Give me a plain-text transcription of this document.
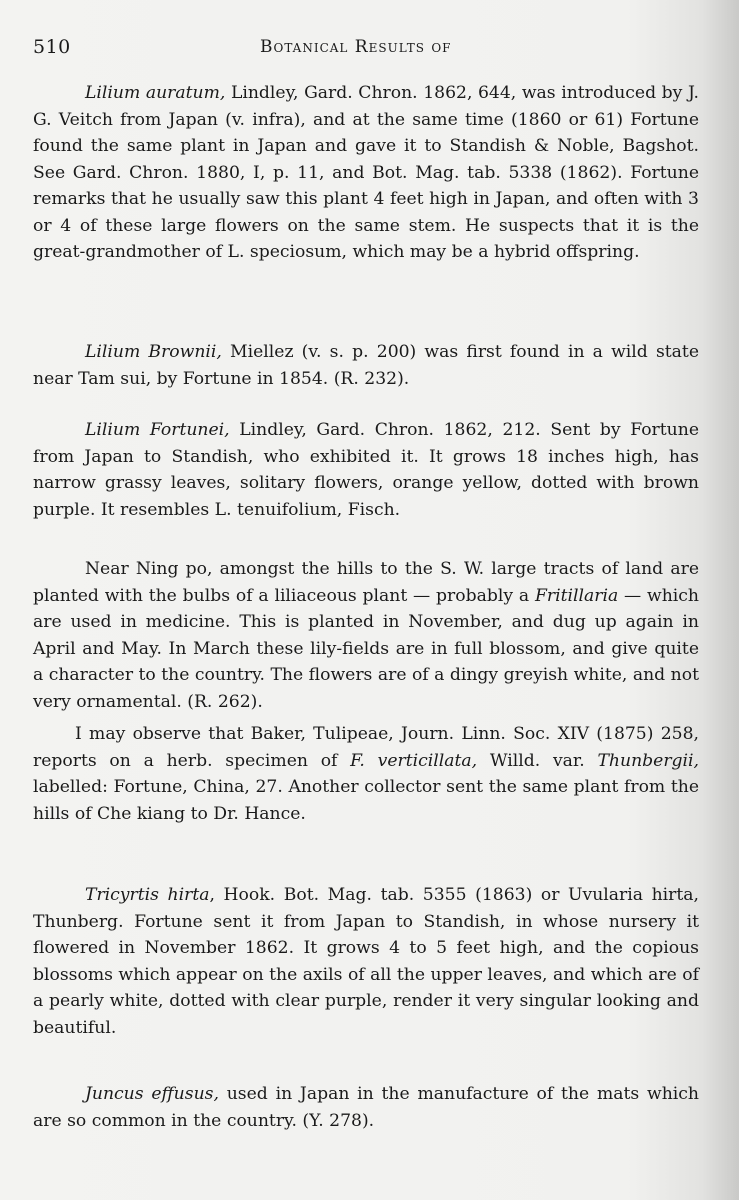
510	Botanical Results of

Lilium auratum, Lindley, Gard. Chron. 1862, 644, was introduced by J. G. Veitch from Japan (v. infra), and at the same time (1860 or 61) Fortune found the same plant in Japan and gave it to Standish & Noble, Bagshot. See Gard. Chron. 1880, I, p. 11, and Bot. Mag. tab. 5338 (1862). Fortune remarks that he usually saw this plant 4 feet high in Japan, and often with 3 or 4 of these large flowers on the same stem. He suspects that it is the great-grandmother of L. speciosum, which may be a hybrid offspring.

Lilium Brownii, Miellez (v. s. p. 200) was first found in a wild state near Tam sui, by Fortune in 1854. (R. 232).

Lilium Fortunei, Lindley, Gard. Chron. 1862, 212. Sent by Fortune from Japan to Standish, who exhibited it. It grows 18 inches high, has narrow grassy leaves, solitary flowers, orange yellow, dotted with brown purple. It resembles L. tenuifolium, Fisch.

Near Ning po, amongst the hills to the S. W. large tracts of land are planted with the bulbs of a liliaceous plant — probably a Fritillaria — which are used in medicine. This is planted in November, and dug up again in April and May. In March these lily-fields are in full blossom, and give quite a character to the country. The flowers are of a dingy greyish white, and not very ornamental. (R. 262).

I may observe that Baker, Tulipeae, Journ. Linn. Soc. XIV (1875) 258, reports on a herb. specimen of F. verticillata, Willd. var. Thunbergii, labelled: Fortune, China, 27. Another collector sent the same plant from the hills of Che kiang to Dr. Hance.

Tricyrtis hirta, Hook. Bot. Mag. tab. 5355 (1863) or Uvularia hirta, Thunberg. Fortune sent it from Japan to Standish, in whose nursery it flowered in November 1862. It grows 4 to 5 feet high, and the copious blossoms which appear on the axils of all the upper leaves, and which are of a pearly white, dotted with clear purple, render it very singular looking and beautiful.

Juncus effusus, used in Japan in the manufacture of the mats which are so common in the country. (Y. 278).
